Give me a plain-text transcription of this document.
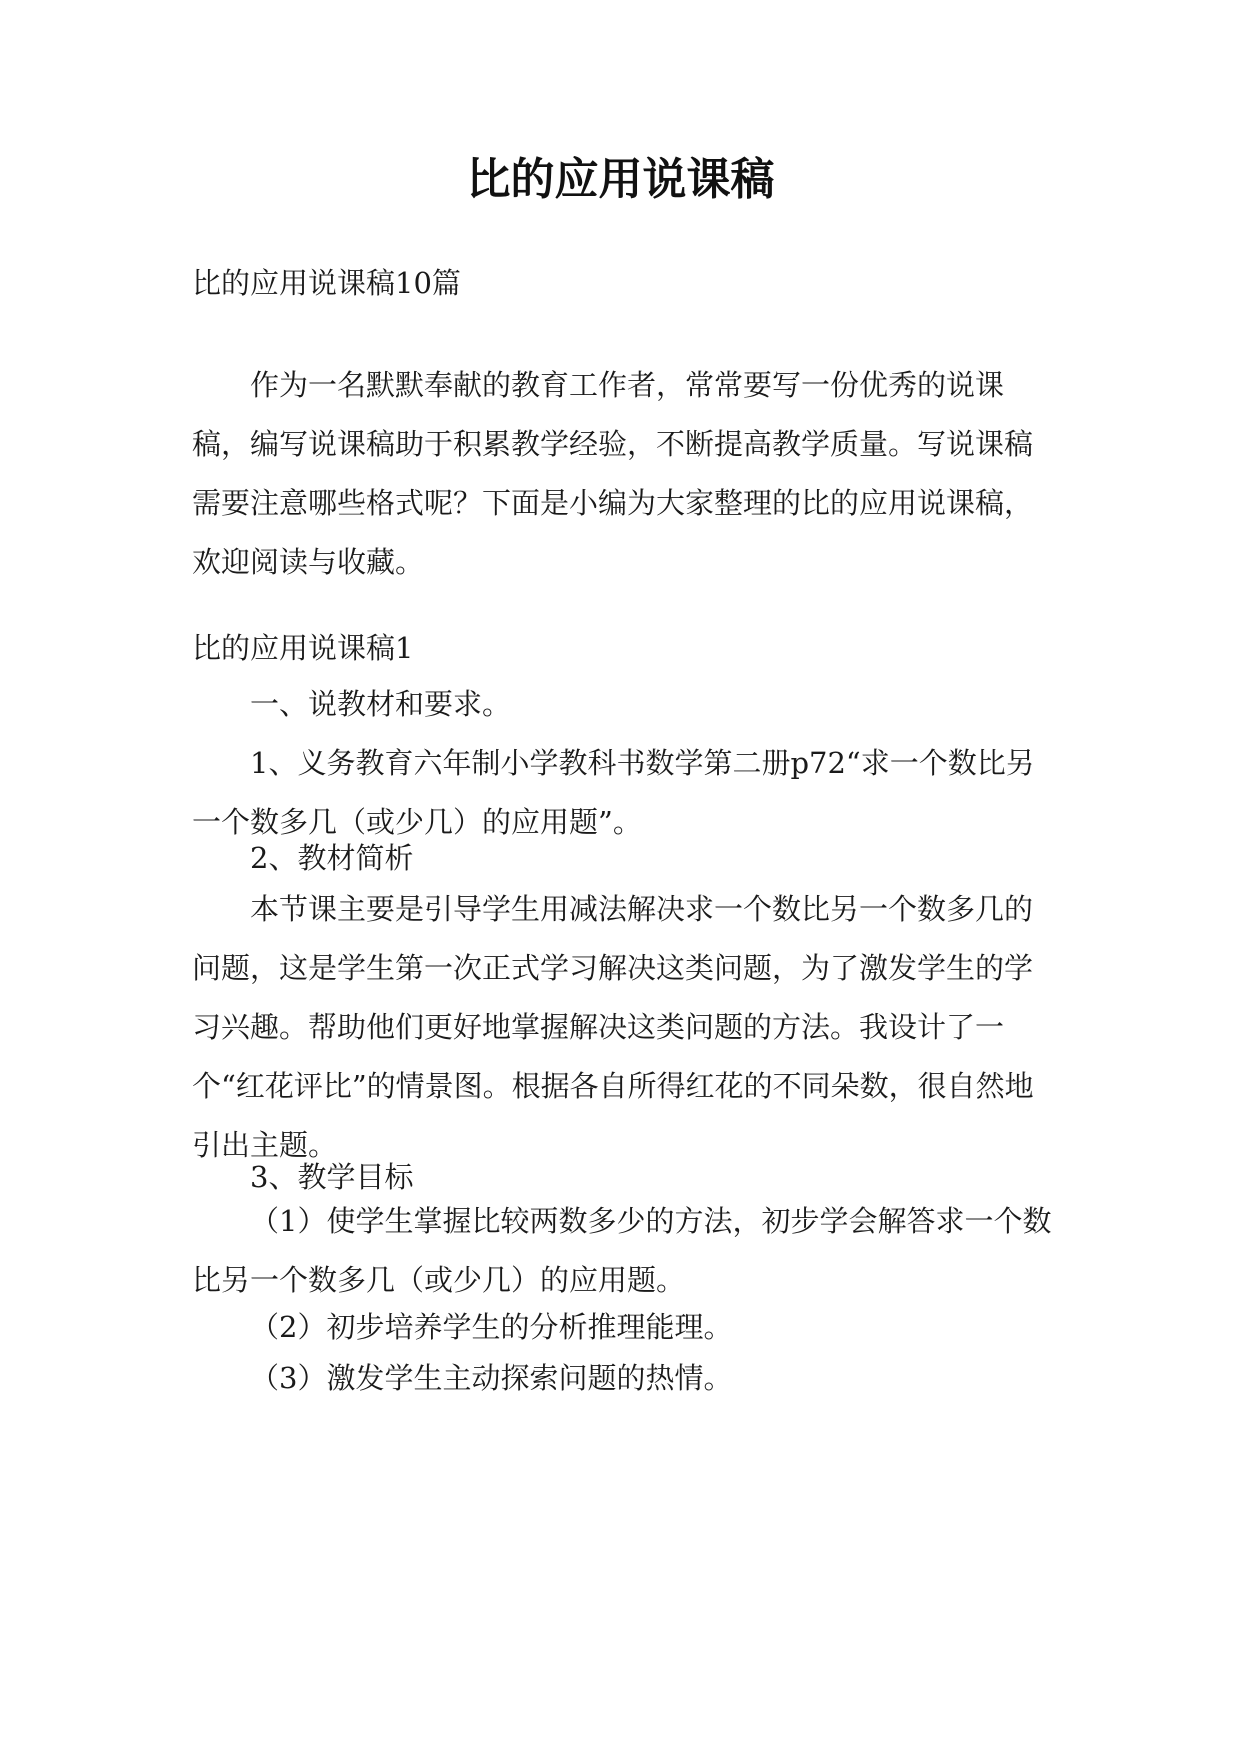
比的应用说课稿
比的应用说课稿10篇

作为一名默默奉献的教育工作者，常常要写一份优秀的说课稿，编写说课稿助于积累教学经验，不断提高教学质量。写说课稿需要注意哪些格式呢？下面是小编为大家整理的比的应用说课稿，欢迎阅读与收藏。

比的应用说课稿1

一、说教材和要求。

1、义务教育六年制小学教科书数学第二册p72“求一个数比另一个数多几（或少几）的应用题”。

2、教材简析

本节课主要是引导学生用减法解决求一个数比另一个数多几的问题，这是学生第一次正式学习解决这类问题，为了激发学生的学习兴趣。帮助他们更好地掌握解决这类问题的方法。我设计了一个“红花评比”的情景图。根据各自所得红花的不同朵数，很自然地引出主题。

3、教学目标

（1）使学生掌握比较两数多少的方法，初步学会解答求一个数比另一个数多几（或少几）的应用题。

（2）初步培养学生的分析推理能理。

（3）激发学生主动探索问题的热情。
